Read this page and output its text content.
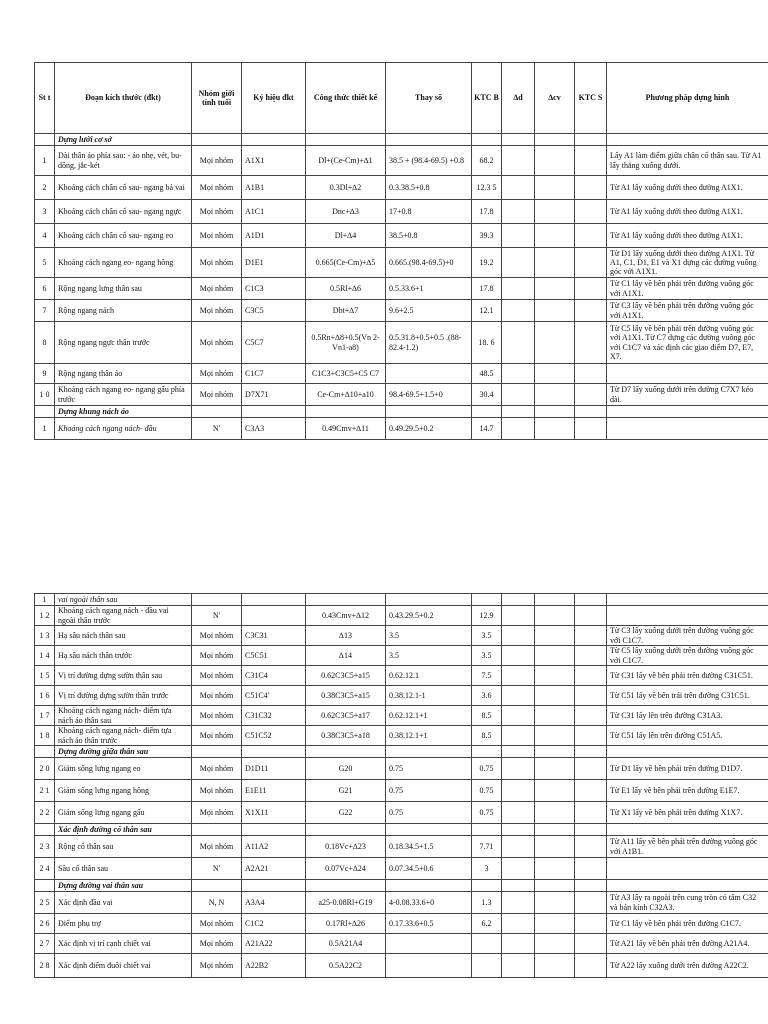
St t	Đoạn kích thước (đkt)	Nhóm giới tính tuổi	Ký hiệu đkt	Công thức thiết kế	Thay số	KTC B	∆d	∆cv	KTC S	Phương pháp dựng hình
	Dựng lưới cơ sở									
1	Dài thân áo phía sau: - áo nhẹ, vét, bu-dông, jắc-két	Mọi nhóm	A1X1	Dl+(Ce-Cm)+∆1	38.5 + (98.4-69.5) +0.8	68.2				Lấy A1 làm điểm giữa chân cổ thân sau. Từ A1 lấy thẳng xuống dưới.
2	Khoảng cách chân cổ sau- ngang bả vai	Mọi nhóm	A1B1	0.3Dl+∆2	0.3.38.5+0.8	12.3 5				Từ A1 lấy xuống dưới theo đường A1X1.
3	Khoảng cách chân cổ sau- ngang ngực	Mọi nhóm	A1C1	Dnc+∆3	17+0.8	17.8				Từ A1 lấy xuống dưới theo đường A1X1.
4	Khoảng cách chân cổ sau- ngang eo	Mọi nhóm	A1D1	Dl+∆4	38.5+0.8	39.3				Từ A1 lấy xuống dưới theo đường A1X1.
5	Khoảng cách ngang eo- ngang hông	Mọi nhóm	D1E1	0.665(Ce-Cm)+∆5	0.665.(98.4-69.5)+0	19.2				Từ D1 lấy xuống dưới theo đường A1X1. Từ A1, C1, D1, E1 và X1 dựng các đường vuông góc với A1X1.
6	Rộng ngang lưng thân sau	Mọi nhóm	C1C3	0.5Rl+∆6	0.5.33.6+1	17.8				Từ C1 lấy về bên phải trên đường vuông góc với A1X1.
7	Rộng ngang nách	Mọi nhóm	C3C5	Dbt+∆7	9.6+2.5	12.1				Từ C3 lấy về bên phải trên đường vuông góc với A1X1.
8	Rộng ngang ngực thân trước	Mọi nhóm	C5C7	0.5Rn+∆8+0.5(Vn 2-Vn1-a8)	0.5.31.8+0.5+0.5 .(88-82.4-1.2)	18. 6				Từ C5 lấy về bên phải trên đường vuông góc với A1X1. Từ C7 dựng các đường vuông góc với C1C7 và xác định các giao điểm D7, E7, X7.
9	Rộng ngang thân áo	Mọi nhóm	C1C7	C1C3+C3C5+C5 C7		48.5				
1 0	Khoảng cách ngang eo- ngang gấu phía trước	Mọi nhóm	D7X71	Ce-Cm+∆10+a10	98.4-69.5+1.5+0	30.4				Từ D7 lấy xuống dưới trên đường C7X7 kéo dài.
	Dựng khung nách áo									
1	Khoảng cách ngang nách- đầu	N'	C3A3	0.49Cmv+∆11	0.49.29.5+0.2	14.7				
1	vai ngoài thân sau									
1 2	Khoảng cách ngang nách - đầu vai ngoài thân trước	N'		0.43Cmv+∆12	0.43.29.5+0.2	12.9				
1 3	Hạ sâu nách thân sau	Mọi nhóm	C3C31	∆13	3.5	3.5				Từ C3 lấy xuống dưới trên đường vuông góc với C1C7.
1 4	Hạ sâu nách thân trước	Mọi nhóm	C5C51	∆14	3.5	3.5				Từ C5 lấy xuống dưới trên đường vuông góc với C1C7.
1 5	Vị trí đường dựng sườn thân sau	Mọi nhóm	C31C4	0.62C3C5+a15	0.62.12.1	7.5				Từ C31 lấy về bên phải trên đường C31C51.
1 6	Vị trí đường dựng sườn thân trước	Mọi nhóm	C51C4'	0.38C3C5+a15	0.38.12.1-1	3.6				Từ C51 lấy về bên trái trên đường C31C51.
1 7	Khoảng cách ngang nách- điểm tựa nách áo thân sau	Mọi nhóm	C31C32	0.62C3C5+a17	0.62.12.1+1	8.5				Từ C31 lấy lên trên đường C31A3.
1 8	Khoảng cách ngang nách- điểm tựa nách áo thân trước	Mọi nhóm	C51C52	0.38C3C5+a18	0.38.12.1+1	8.5				Từ C51 lấy lên trên đường C51A5.
	Dựng đường giữa thân sau									
2 0	Giảm sống lưng ngang eo	Mọi nhóm	D1D11	G20	0.75	0.75				Từ D1 lấy về bên phải trên đường D1D7.
2 1	Giảm sống lưng ngang hông	Mọi nhóm	E1E11	G21	0.75	0.75				Từ E1 lấy về bên phải trên đường E1E7.
2 2	Giảm sống lưng ngang gấu	Mọi nhóm	X1X11	G22	0.75	0.75				Từ X1 lấy về bên phải trên đường X1X7.
	Xác định đường cổ thân sau									
2 3	Rộng cổ thân sau	Mọi nhóm	A11A2	0.18Vc+∆23	0.18.34.5+1.5	7.71				Từ A11 lấy về bên phải trên đường vuông góc với A1B1.
2 4	Sâu cổ thân sau	N'	A2A21	0.07Vc+∆24	0.07.34.5+0.6	3				
	Dựng đường vai thân sau									
2 5	Xác định đầu vai	N, N	A3A4	a25-0.08Rl+G19	4-0.08.33.6+0	1.3				Từ A3 lấy ra ngoài trên cung tròn có tâm C32 và bán kính C32A3.
2 6	Điểm phụ trợ	Mọi nhóm	C1C2	0.17Rl+∆26	0.17.33.6+0.5	6.2				Từ C1 lấy về bên phải trên đường C1C7.
2 7	Xác định vị trí cạnh chiết vai	Mọi nhóm	A21A22	0.5A21A4						Từ A21 lấy về bên phải trên đường A21A4.
2 8	Xác định điểm đuôi chiết vai	Mọi nhóm	A22B2	0.5A22C2						Từ A22 lấy xuống dưới trên đường A22C2.
